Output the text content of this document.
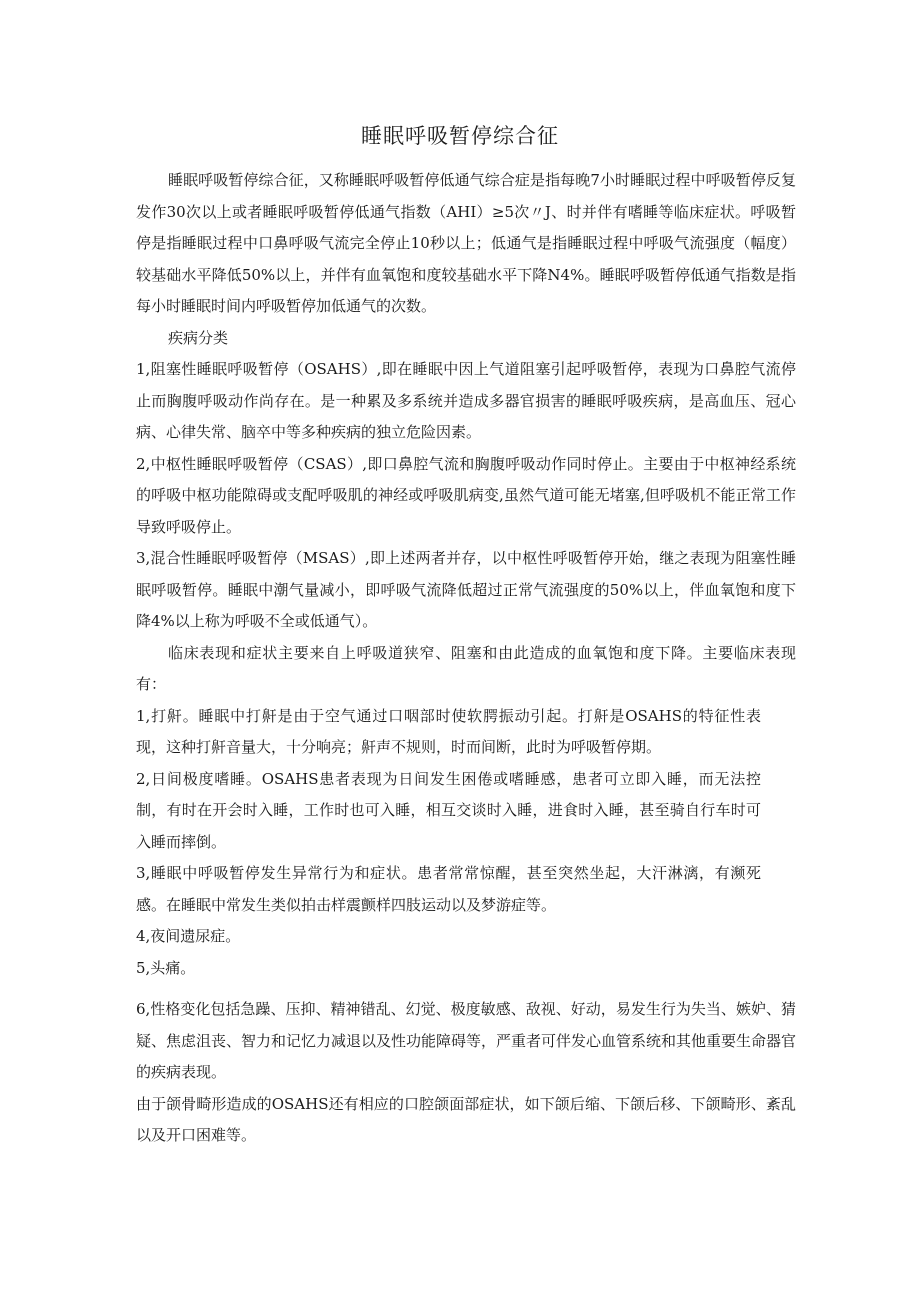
睡眠呼吸暂停综合征

睡眠呼吸暂停综合征，又称睡眠呼吸暂停低通气综合症是指每晚7小时睡眠过程中呼吸暂停反复发作30次以上或者睡眠呼吸暂停低通气指数（AHI）≥5次〃J、时并伴有嗜睡等临床症状。呼吸暂停是指睡眠过程中口鼻呼吸气流完全停止10秒以上；低通气是指睡眠过程中呼吸气流强度（幅度）较基础水平降低50%以上，并伴有血氧饱和度较基础水平下降N4%。睡眠呼吸暂停低通气指数是指每小时睡眠时间内呼吸暂停加低通气的次数。

疾病分类

1,阻塞性睡眠呼吸暂停（OSAHS）,即在睡眠中因上气道阻塞引起呼吸暂停，表现为口鼻腔气流停止而胸腹呼吸动作尚存在。是一种累及多系统并造成多器官损害的睡眠呼吸疾病，是高血压、冠心病、心律失常、脑卒中等多种疾病的独立危险因素。

2,中枢性睡眠呼吸暂停（CSAS）,即口鼻腔气流和胸腹呼吸动作同时停止。主要由于中枢神经系统的呼吸中枢功能隙碍或支配呼吸肌的神经或呼吸肌病变,虽然气道可能无堵塞,但呼吸机不能正常工作导致呼吸停止。

3,混合性睡眠呼吸暂停（MSAS）,即上述两者并存，以中枢性呼吸暂停开始，继之表现为阻塞性睡眠呼吸暂停。睡眠中潮气量减小，即呼吸气流降低超过正常气流强度的50%以上，伴血氧饱和度下降4%以上称为呼吸不全或低通气）。

临床表现和症状主要来自上呼吸道狭窄、阻塞和由此造成的血氧饱和度下降。主要临床表现有：

1,打鼾。睡眠中打鼾是由于空气通过口咽部时使软腭振动引起。打鼾是OSAHS的特征性表现，这种打鼾音量大，十分响亮；鼾声不规则，时而间断，此时为呼吸暂停期。

2,日间极度嗜睡。OSAHS患者表现为日间发生困倦或嗜睡感，患者可立即入睡，而无法控制，有时在开会时入睡，工作时也可入睡，相互交谈时入睡，进食时入睡，甚至骑自行车时可入睡而摔倒。

3,睡眠中呼吸暂停发生异常行为和症状。患者常常惊醒，甚至突然坐起，大汗淋漓，有濒死感。在睡眠中常发生类似拍击样震颤样四肢运动以及梦游症等。

4,夜间遗尿症。

5,头痛。

6,性格变化包括急躁、压抑、精神错乱、幻觉、极度敏感、敌视、好动，易发生行为失当、嫉妒、猜疑、焦虑沮丧、智力和记忆力减退以及性功能障碍等，严重者可伴发心血管系统和其他重要生命器官的疾病表现。

由于颌骨畸形造成的OSAHS还有相应的口腔颌面部症状，如下颌后缩、下颌后移、下颌畸形、紊乱以及开口困难等。
